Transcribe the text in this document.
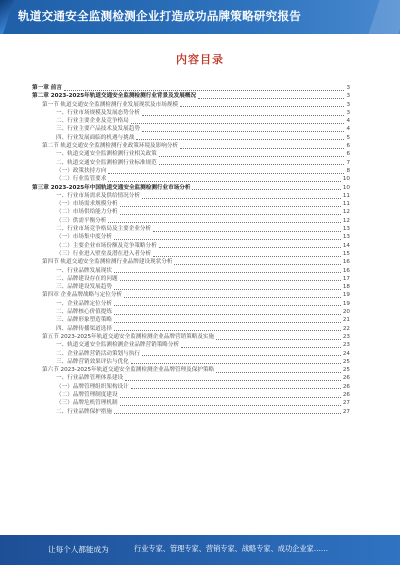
轨道交通安全监测检测企业打造成功品牌策略研究报告
内容目录
第一章 前言	3
第二章 2023-2025年轨道交通安全监测检测行业背景及发展概况	3
第一节 轨道交通安全监测检测行业发展现状及市场规模	3
一、行业市场规模及发展态势分析	3
二、行业主要企业及竞争格局	4
三、行业主要产品技术及发展趋势	4
四、行业发展面临的机遇与挑战	5
第二节 轨道交通安全监测检测行业政策环境及影响分析	6
一、轨道交通安全监测检测行业相关政策	6
二、轨道交通安全监测检测行业标准规范	7
（一）政策扶持方向	8
（二）行业监管要求	10
第三章 2023-2025年中国轨道交通安全监测检测行业市场分析	10
一、行业市场需求及供给情况分析	11
（一）市场需求规模分析	11
（二）市场供给能力分析	12
（三）供需平衡分析	12
二、行业市场竞争格局及主要企业分析	13
（一）市场集中度分析	13
（二）主要企业市场份额及竞争策略分析	14
（三）行业进入壁垒及潜在进入者分析	15
第四节 轨道交通安全监测检测行业品牌建设现状分析	16
一、行业品牌发展现状	16
二、品牌建设存在的问题	17
三、品牌建设发展趋势	18
第四章 企业品牌战略与定位分析	19
一、企业品牌定位分析	19
二、品牌核心价值提炼	20
三、品牌形象塑造策略	21
四、品牌传播渠道选择	22
第五节 2023-2025年轨道交通安全监测检测企业品牌营销策略及实施	23
一、轨道交通安全监测检测企业品牌营销策略分析	23
二、企业品牌营销活动策划与执行	24
三、品牌营销效果评估与优化	25
第六节 2023-2025年轨道交通安全监测检测企业品牌管理及保护策略	25
一、行业品牌管理体系建设	26
（一）品牌管理组织架构设计	26
（二）品牌管理制度建设	26
（三）品牌危机管理机制	27
二、行业品牌保护措施	27
让每个人都能成为	行业专家、管理专家、营销专家、战略专家、成功企业家……
